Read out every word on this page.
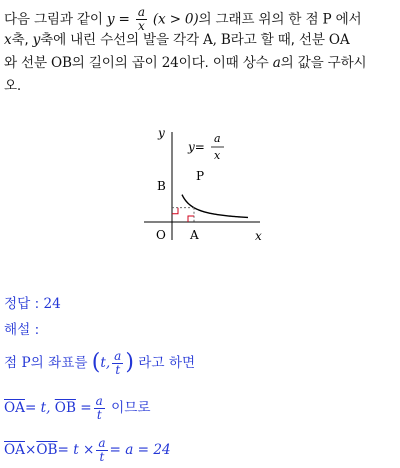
다음 그림과 같이 $y = \frac{a}{x} (x > 0)$의 그래프 위의 한 점 P 에서
x축, y축에 내린 수선의 발을 각각 A, B라고 할 때, 선분 OA
와 선분 OB의 길이의 곱이 24이다. 이때 상수 a의 값을 구하시
오.
y
x
O A
B
P
y=
a
x
정답 : 24
해설 :
점 P의 좌표를 (t, $\frac{a}{t}$ ) 라고 하면
$\overline{OA}= t$, $\overline{OB} = \frac{a}{t}$ 이므로
$\overline{OA}\times\overline{OB}= t \times \frac{a}{t} = a = 24$
